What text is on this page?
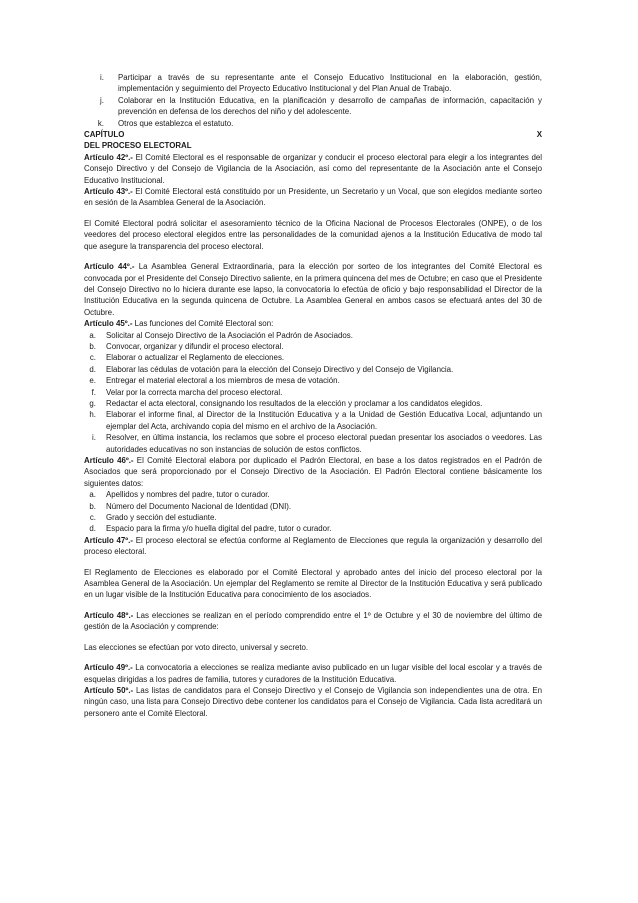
i.	Participar a través de su representante ante el Consejo Educativo Institucional en la elaboración, gestión, implementación y seguimiento del Proyecto Educativo Institucional y del Plan Anual de Trabajo.
j.	Colaborar en la Institución Educativa, en la planificación y desarrollo de campañas de información, capacitación y prevención en defensa de los derechos del niño y del adolescente.
k.	Otros que establezca el estatuto.
CAPÍTULO	X
DEL PROCESO ELECTORAL

Artículo 42º.- El Comité Electoral es el responsable de organizar y conducir el proceso electoral para elegir a los integrantes del Consejo Directivo y del Consejo de Vigilancia de la Asociación, así como del representante de la Asociación ante el Consejo Educativo Institucional.

Artículo 43º.- El Comité Electoral está constituido por un Presidente, un Secretario y un Vocal, que son elegidos mediante sorteo en sesión de la Asamblea General de la Asociación.

El Comité Electoral podrá solicitar el asesoramiento técnico de la Oficina Nacional de Procesos Electorales (ONPE), o de los veedores del proceso electoral elegidos entre las personalidades de la comunidad ajenos a la Institución Educativa de modo tal que asegure la transparencia del proceso electoral.

Artículo 44º.- La Asamblea General Extraordinaria, para la elección por sorteo de los integrantes del Comité Electoral es convocada por el Presidente del Consejo Directivo saliente, en la primera quincena del mes de Octubre; en caso que el Presidente del Consejo Directivo no lo hiciera durante ese lapso, la convocatoria lo efectúa de oficio y bajo responsabilidad el Director de la Institución Educativa en la segunda quincena de Octubre. La Asamblea General en ambos casos se efectuará antes del 30 de Octubre.

Artículo 45º.- Las funciones del Comité Electoral son:

a.	Solicitar al Consejo Directivo de la Asociación el Padrón de Asociados.
b.	Convocar, organizar y difundir el proceso electoral.
c.	Elaborar o actualizar el Reglamento de elecciones.
d.	Elaborar las cédulas de votación para la elección del Consejo Directivo y del Consejo de Vigilancia.
e.	Entregar el material electoral a los miembros de mesa de votación.
f.	Velar por la correcta marcha del proceso electoral.
g.	Redactar el acta electoral, consignando los resultados de la elección y proclamar a los candidatos elegidos.
h.	Elaborar el informe final, al Director de la Institución Educativa y a la Unidad de Gestión Educativa Local, adjuntando un ejemplar del Acta, archivando copia del mismo en el archivo de la Asociación.
i.	Resolver, en última instancia, los reclamos que sobre el proceso electoral puedan presentar los asociados o veedores. Las autoridades educativas no son instancias de solución de estos conflictos.

Artículo 46º.- El Comité Electoral elabora por duplicado el Padrón Electoral, en base a los datos registrados en el Padrón de Asociados que será proporcionado por el Consejo Directivo de la Asociación. El Padrón Electoral contiene básicamente los siguientes datos:

a.	Apellidos y nombres del padre, tutor o curador.
b.	Número del Documento Nacional de Identidad (DNI).
c.	Grado y sección del estudiante.
d.	Espacio para la firma y/o huella digital del padre, tutor o curador.

Artículo 47º.- El proceso electoral se efectúa conforme al Reglamento de Elecciones que regula la organización y desarrollo del proceso electoral.

El Reglamento de Elecciones es elaborado por el Comité Electoral y aprobado antes del inicio del proceso electoral por la Asamblea General de la Asociación. Un ejemplar del Reglamento se remite al Director de la Institución Educativa y será publicado en un lugar visible de la Institución Educativa para conocimiento de los asociados.

Artículo 48º.- Las elecciones se realizan en el período comprendido entre el 1º de Octubre y el 30 de noviembre del último de gestión de la Asociación y comprende:

Las elecciones se efectúan por voto directo, universal y secreto.

Artículo 49º.- La convocatoria a elecciones se realiza mediante aviso publicado en un lugar visible del local escolar y a través de esquelas dirigidas a los padres de familia, tutores y curadores de la Institución Educativa.

Artículo 50º.- Las listas de candidatos para el Consejo Directivo y el Consejo de Vigilancia son independientes una de otra. En ningún caso, una lista para Consejo Directivo debe contener los candidatos para el Consejo de Vigilancia. Cada lista acreditará un personero ante el Comité Electoral.
